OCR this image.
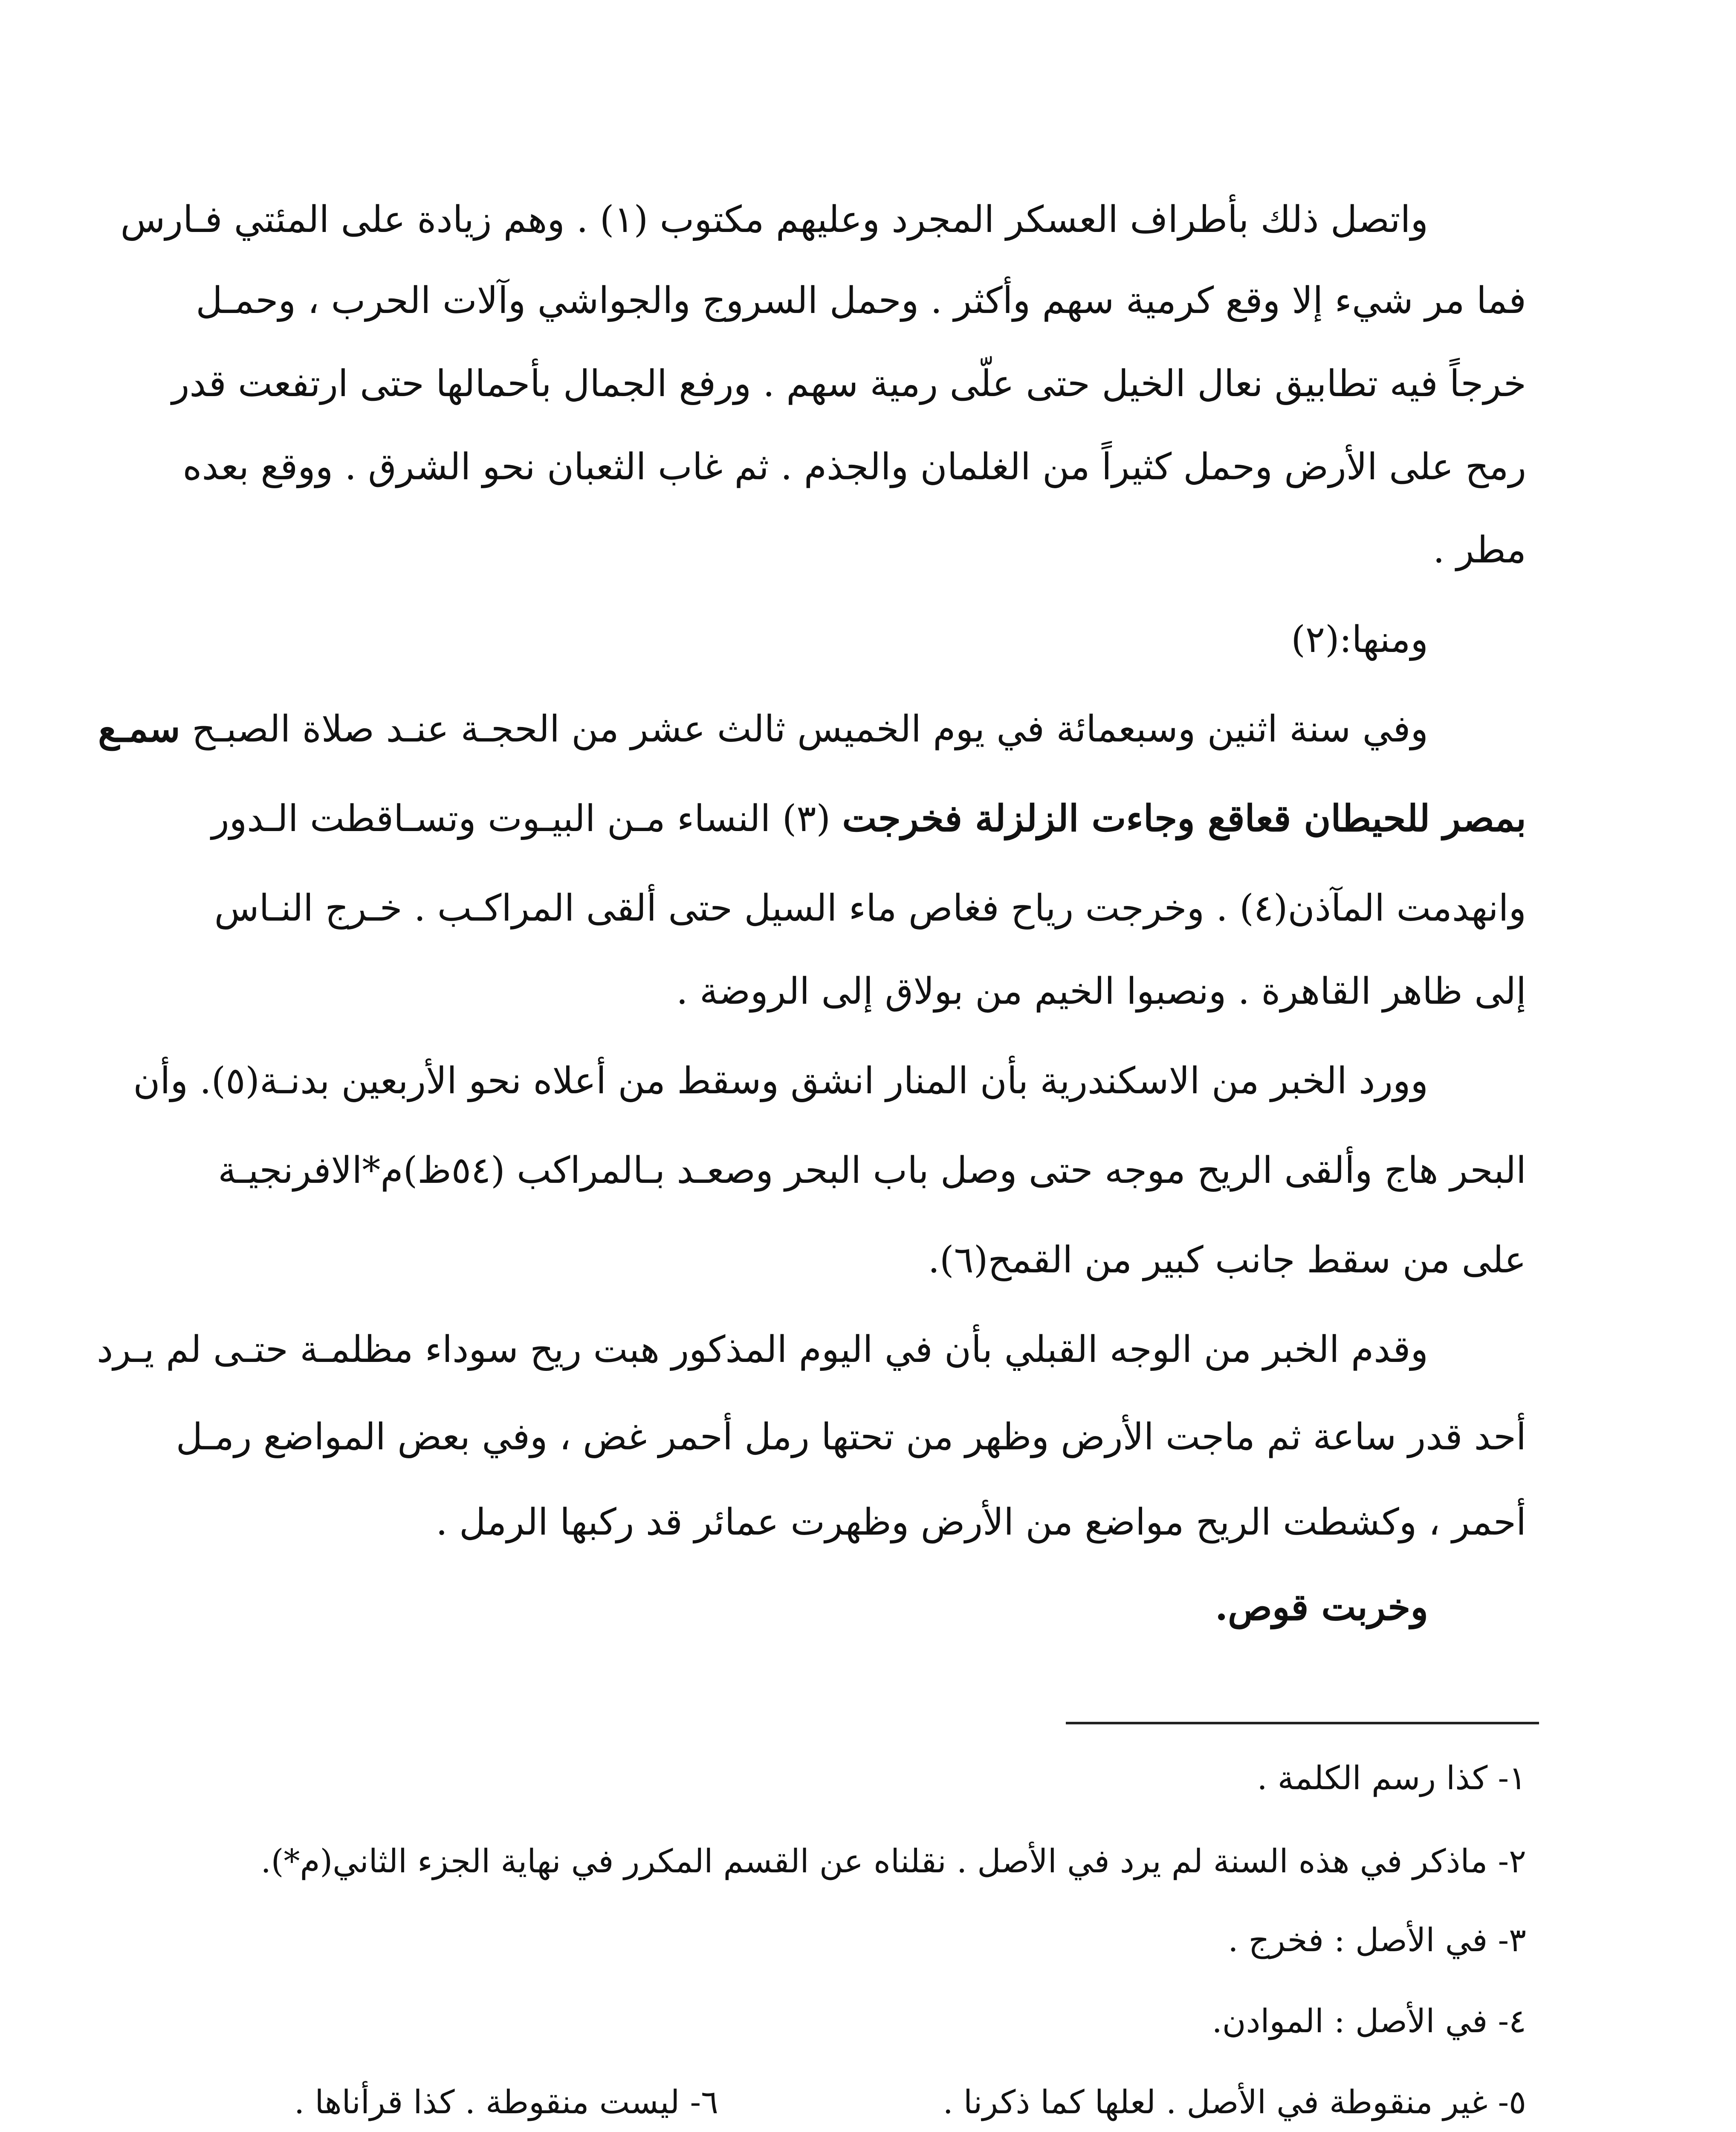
واتصل ذلك بأطراف العسكر المجرد وعليهم مكتوب (١) . وهم زيادة على المئتي فـارس
فما مر شيء إلا وقع كرمية سهم وأكثر . وحمل السروج والجواشي وآلات الحرب ، وحمـل
خرجاً فيه تطابيق نعال الخيل حتى علّى رمية سهم . ورفع الجمال بأحمالها حتى ارتفعت قدر
رمح على الأرض وحمل كثيراً من الغلمان والجذم . ثم غاب الثعبان نحو الشرق . ووقع بعده
مطر .
ومنها:(٢)
وفي سنة اثنين وسبعمائة في يوم الخميس ثالث عشر من الحجـة عنـد صلاة الصبـح سمـع
بمصر للحيطان قعاقع وجاءت الزلزلة فخرجت (٣) النساء مـن البيـوت وتسـاقطت الـدور
وانهدمت المآذن(٤) . وخرجت رياح فغاص ماء السيل حتى ألقى المراكـب . خـرج النـاس
إلى ظاهر القاهرة . ونصبوا الخيم من بولاق إلى الروضة .
وورد الخبر من الاسكندرية بأن المنار انشق وسقط من أعلاه نحو الأربعين بدنـة(٥). وأن
البحر هاج وألقى الريح موجه حتى وصل باب البحر وصعـد بـالمراكب (٥٤ظ)م*الافرنجيـة
على من سقط جانب كبير من القمح(٦).
وقدم الخبر من الوجه القبلي بأن في اليوم المذكور هبت ريح سوداء مظلمـة حتـى لم يـرد
أحد قدر ساعة ثم ماجت الأرض وظهر من تحتها رمل أحمر غض ، وفي بعض المواضع رمـل
أحمر ، وكشطت الريح مواضع من الأرض وظهرت عمائر قد ركبها الرمل .
وخربت قوص.
١- كذا رسم الكلمة .
٢- ماذكر في هذه السنة لم يرد في الأصل . نقلناه عن القسم المكرر في نهاية الجزء الثاني(م*).
٣- في الأصل : فخرج .
٤- في الأصل : الموادن.
٥- غير منقوطة في الأصل . لعلها كما ذكرنا .
٦- ليست منقوطة . كذا قرأناها .
